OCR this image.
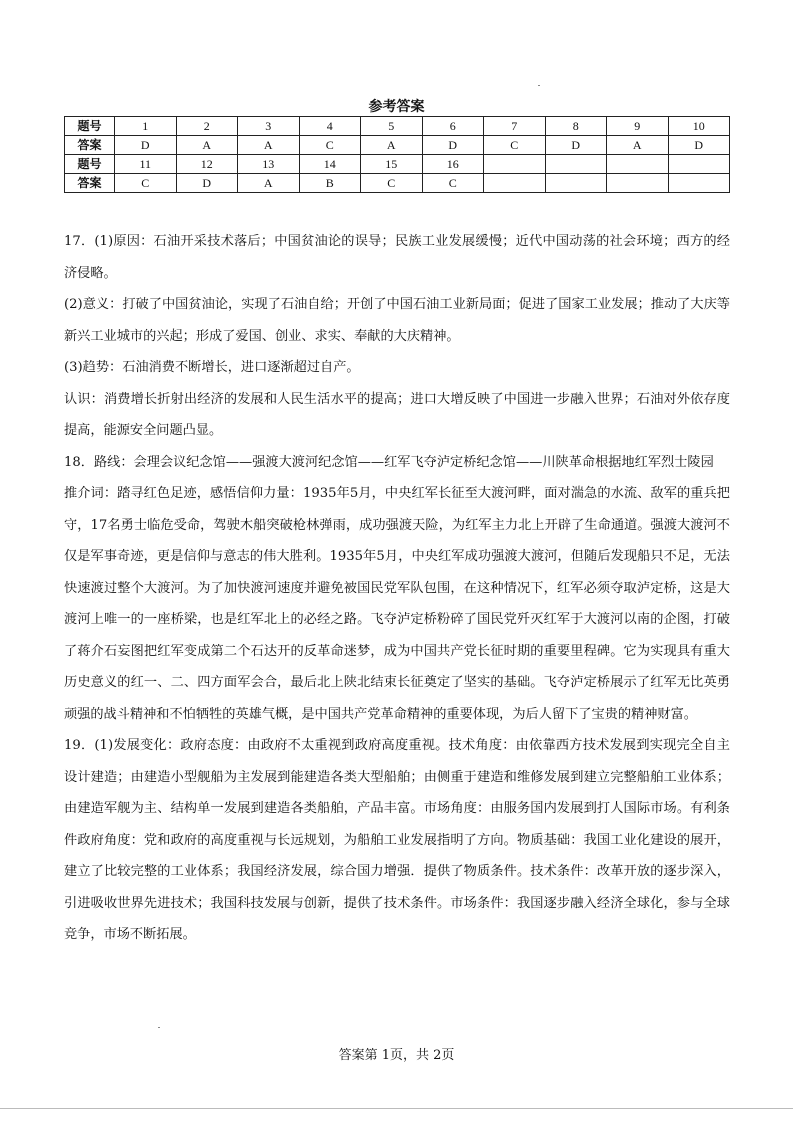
参考答案
题号	1	2	3	4	5	6	7	8	9	10
答案	D	A	A	C	A	D	C	D	A	D
题号	11	12	13	14	15	16				
答案	C	D	A	B	C	C				

17．(1)原因：石油开采技术落后；中国贫油论的误导；民族工业发展缓慢；近代中国动荡的社会环境；西方的经济侵略。

(2)意义：打破了中国贫油论，实现了石油自给；开创了中国石油工业新局面；促进了国家工业发展；推动了大庆等新兴工业城市的兴起；形成了爱国、创业、求实、奉献的大庆精神。

(3)趋势：石油消费不断增长，进口逐渐超过自产。

认识：消费增长折射出经济的发展和人民生活水平的提高；进口大增反映了中国进一步融入世界；石油对外依存度提高，能源安全问题凸显。

18．路线：会理会议纪念馆——强渡大渡河纪念馆——红军飞夺泸定桥纪念馆——川陕革命根据地红军烈士陵园

推介词：踏寻红色足迹，感悟信仰力量：1935年5月，中央红军长征至大渡河畔，面对湍急的水流、敌军的重兵把守，17名勇士临危受命，驾驶木船突破枪林弹雨，成功强渡天险，为红军主力北上开辟了生命通道。强渡大渡河不仅是军事奇迹，更是信仰与意志的伟大胜利。1935年5月，中央红军成功强渡大渡河，但随后发现船只不足，无法快速渡过整个大渡河。为了加快渡河速度并避免被国民党军队包围，在这种情况下，红军必须夺取泸定桥，这是大渡河上唯一的一座桥梁，也是红军北上的必经之路。飞夺泸定桥粉碎了国民党歼灭红军于大渡河以南的企图，打破了蒋介石妄图把红军变成第二个石达开的反革命迷梦，成为中国共产党长征时期的重要里程碑。它为实现具有重大历史意义的红一、二、四方面军会合，最后北上陕北结束长征奠定了坚实的基础。飞夺泸定桥展示了红军无比英勇顽强的战斗精神和不怕牺牲的英雄气概，是中国共产党革命精神的重要体现，为后人留下了宝贵的精神财富。

19．(1)发展变化：政府态度：由政府不太重视到政府高度重视。技术角度：由依靠西方技术发展到实现完全自主设计建造；由建造小型舰船为主发展到能建造各类大型船舶；由侧重于建造和维修发展到建立完整船舶工业体系；由建造军舰为主、结构单一发展到建造各类船舶，产品丰富。市场角度：由服务国内发展到打人国际市场。有利条件政府角度：党和政府的高度重视与长远规划，为船舶工业发展指明了方向。物质基础：我国工业化建设的展开，建立了比较完整的工业体系；我国经济发展，综合国力增强．提供了物质条件。技术条件：改革开放的逐步深入，引进吸收世界先进技术；我国科技发展与创新，提供了技术条件。市场条件：我国逐步融入经济全球化，参与全球竞争，市场不断拓展。

答案第 1页，共 2页
